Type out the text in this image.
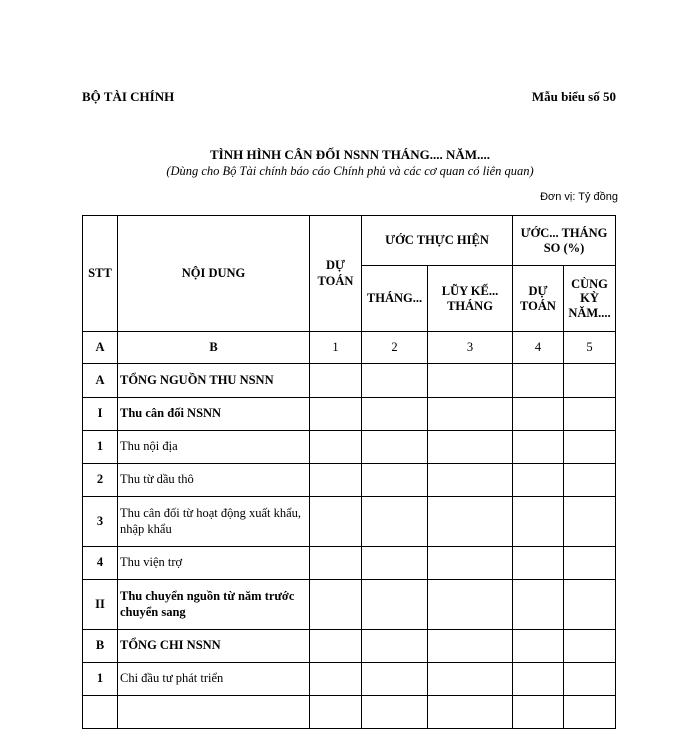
BỘ TÀI CHÍNH	Mẫu biểu số 50
TÌNH HÌNH CÂN ĐỐI NSNN THÁNG.... NĂM....
(Dùng cho Bộ Tài chính báo cáo Chính phủ và các cơ quan có liên quan)
Đơn vị: Tỷ đồng
STT	NỘI DUNG	DỰ TOÁN	ƯỚC THỰC HIỆN		ƯỚC... THÁNG SO (%)	
			THÁNG...	LŨY KẾ... THÁNG	DỰ TOÁN	CÙNG KỲ NĂM....
A	B	1	2	3	4	5
A	TỔNG NGUỒN THU NSNN					
I	Thu cân đối NSNN					
1	Thu nội địa					
2	Thu từ dầu thô					
3	Thu cân đối từ hoạt động xuất khẩu, nhập khẩu					
4	Thu viện trợ					
II	Thu chuyển nguồn từ năm trước chuyển sang					
B	TỔNG CHI NSNN					
1	Chi đầu tư phát triển					
